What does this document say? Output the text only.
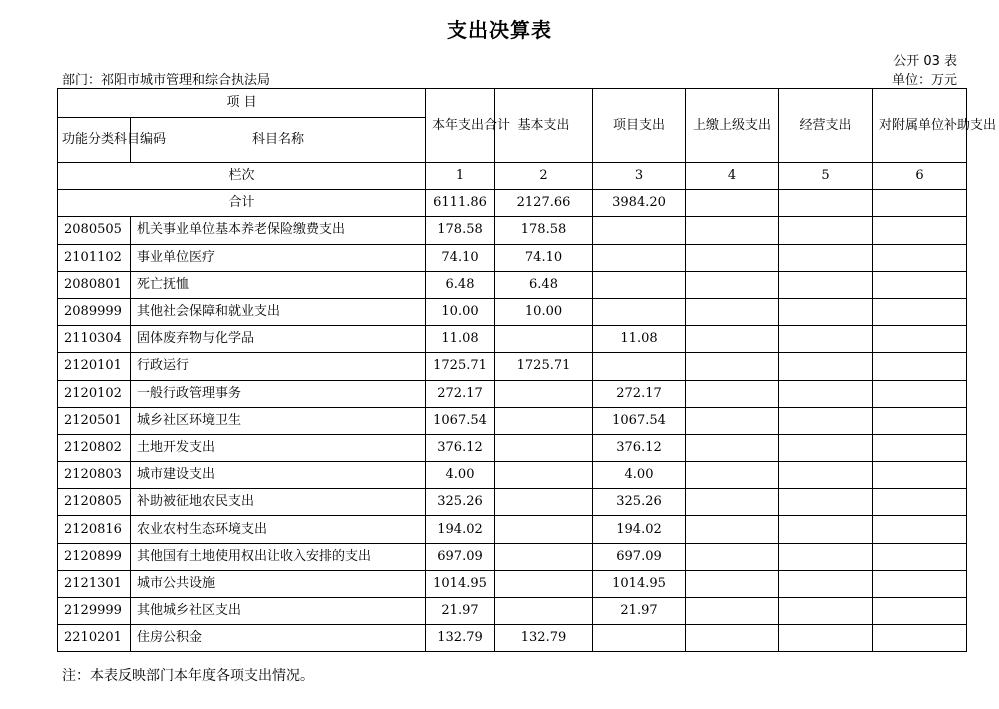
支出决算表
公开 03 表
部门：祁阳市城市管理和综合执法局	单位：万元
项 目		本年支出合计	基本支出	项目支出	上缴上级支出	经营支出	对附属单位补助支出
功能分类科目编码	科目名称						
栏次		1	2	3	4	5	6
合计		6111.86	2127.66	3984.20			
2080505	机关事业单位基本养老保险缴费支出	178.58	178.58				
2101102	事业单位医疗	74.10	74.10				
2080801	死亡抚恤	6.48	6.48				
2089999	其他社会保障和就业支出	10.00	10.00				
2110304	固体废弃物与化学品	11.08		11.08			
2120101	行政运行	1725.71	1725.71				
2120102	一般行政管理事务	272.17		272.17			
2120501	城乡社区环境卫生	1067.54		1067.54			
2120802	土地开发支出	376.12		376.12			
2120803	城市建设支出	4.00		4.00			
2120805	补助被征地农民支出	325.26		325.26			
2120816	农业农村生态环境支出	194.02		194.02			
2120899	其他国有土地使用权出让收入安排的支出	697.09		697.09			
2121301	城市公共设施	1014.95		1014.95			
2129999	其他城乡社区支出	21.97		21.97			
2210201	住房公积金	132.79	132.79				
注：本表反映部门本年度各项支出情况。
